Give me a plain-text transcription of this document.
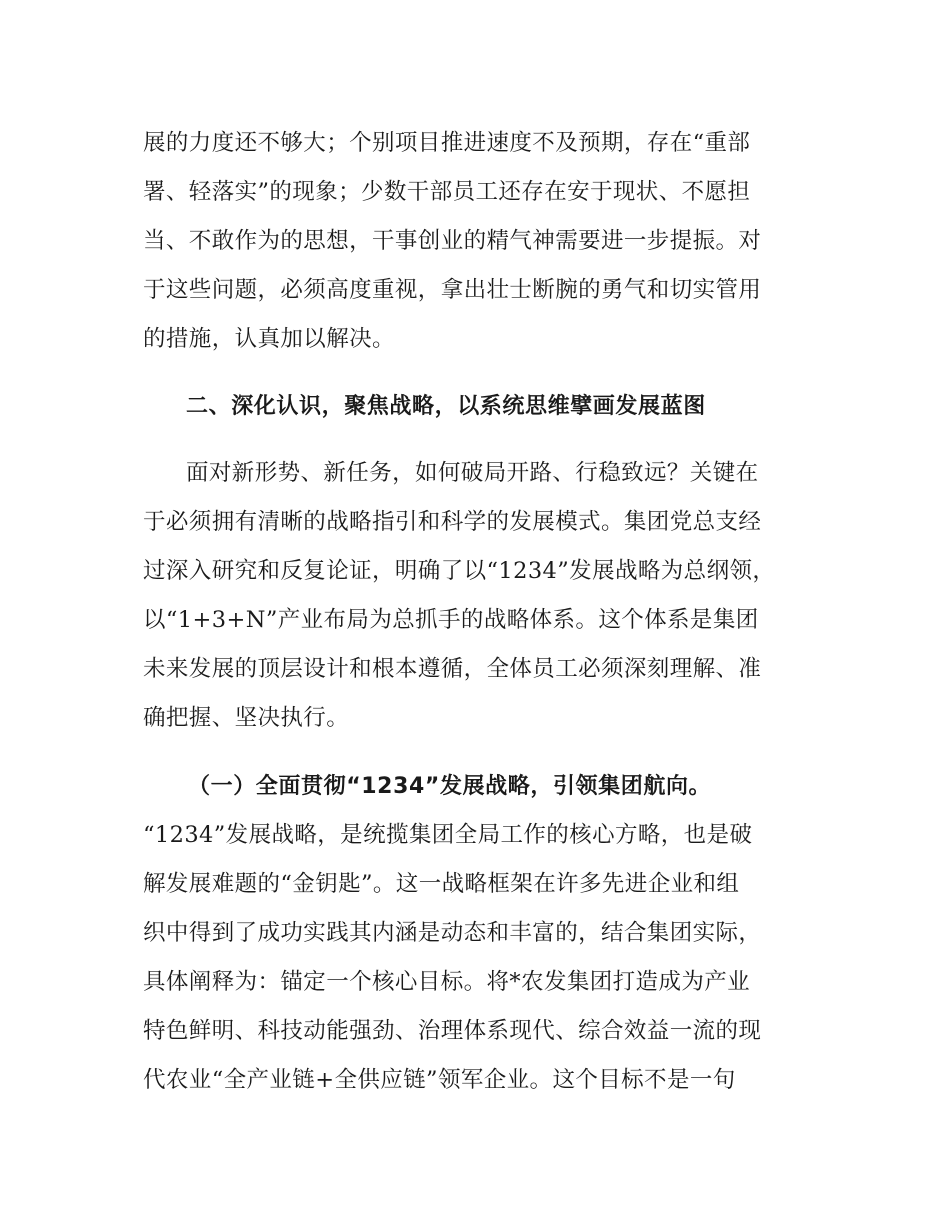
展的力度还不够大；个别项目推进速度不及预期，存在“重部
署、轻落实”的现象；少数干部员工还存在安于现状、不愿担
当、不敢作为的思想，干事创业的精气神需要进一步提振。对
于这些问题，必须高度重视，拿出壮士断腕的勇气和切实管用
的措施，认真加以解决。
二、深化认识，聚焦战略，以系统思维擘画发展蓝图
面对新形势、新任务，如何破局开路、行稳致远？关键在
于必须拥有清晰的战略指引和科学的发展模式。集团党总支经
过深入研究和反复论证，明确了以“1234”发展战略为总纲领，
以“1+3+N”产业布局为总抓手的战略体系。这个体系是集团
未来发展的顶层设计和根本遵循，全体员工必须深刻理解、准
确把握、坚决执行。
（一）全面贯彻“1234”发展战略，引领集团航向。
“1234”发展战略，是统揽集团全局工作的核心方略，也是破
解发展难题的“金钥匙”。这一战略框架在许多先进企业和组
织中得到了成功实践其内涵是动态和丰富的，结合集团实际，
具体阐释为：锚定一个核心目标。将*农发集团打造成为产业
特色鲜明、科技动能强劲、治理体系现代、综合效益一流的现
代农业“全产业链+全供应链”领军企业。这个目标不是一句
